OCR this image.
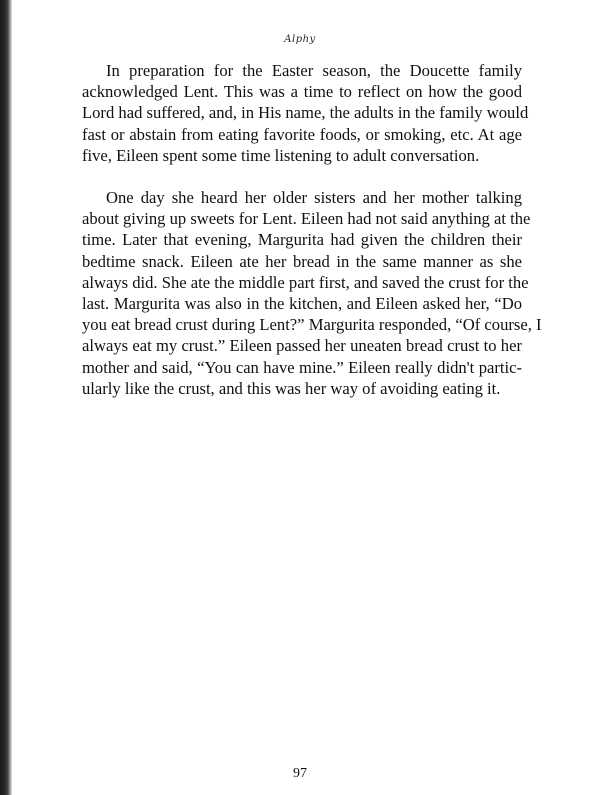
Alphy

In preparation for the Easter season, the Doucette family
acknowledged Lent. This was a time to reflect on how the good
Lord had suffered, and, in His name, the adults in the family would
fast or abstain from eating favorite foods, or smoking, etc. At age
five, Eileen spent some time listening to adult conversation.

One day she heard her older sisters and her mother talking
about giving up sweets for Lent. Eileen had not said anything at the
time. Later that evening, Margurita had given the children their
bedtime snack. Eileen ate her bread in the same manner as she
always did. She ate the middle part first, and saved the crust for the
last. Margurita was also in the kitchen, and Eileen asked her, “Do
you eat bread crust during Lent?” Margurita responded, “Of course, I
always eat my crust.” Eileen passed her uneaten bread crust to her
mother and said, “You can have mine.” Eileen really didn't partic-
ularly like the crust, and this was her way of avoiding eating it.

97
